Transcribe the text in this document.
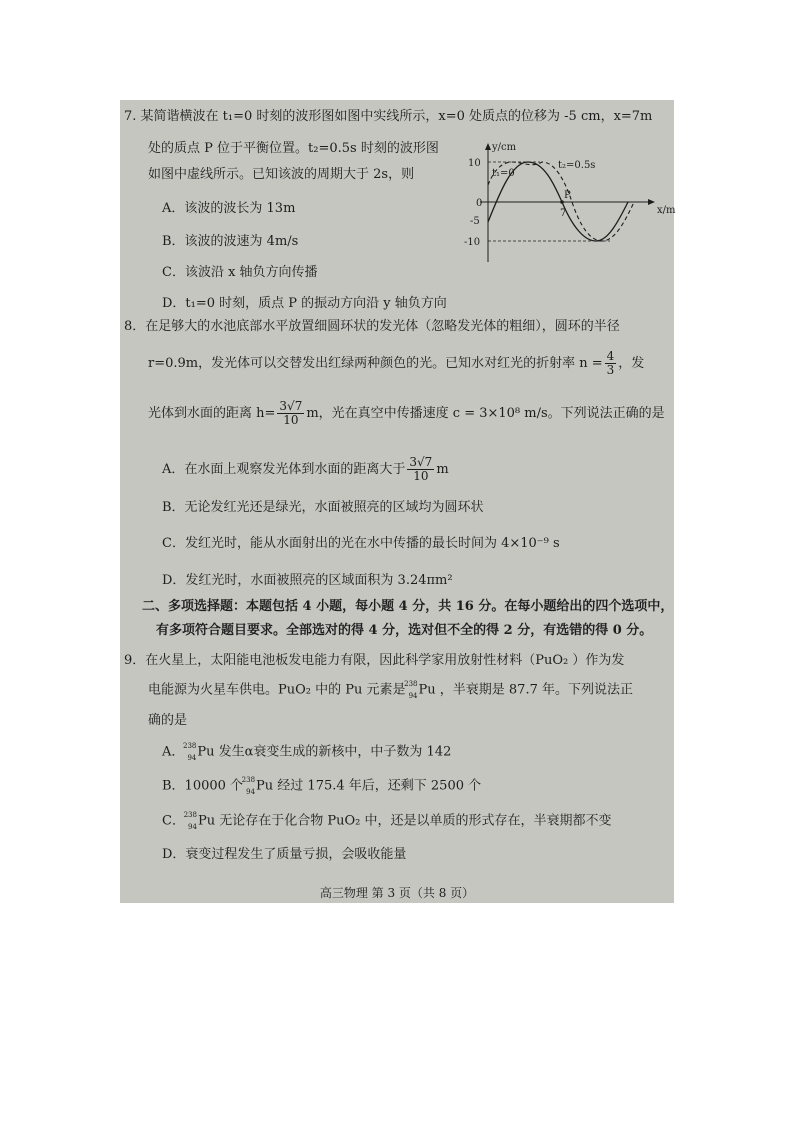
7. 某简谐横波在 t₁=0 时刻的波形图如图中实线所示，x=0 处质点的位移为 -5 cm，x=7m
处的质点 P 位于平衡位置。t₂=0.5s 时刻的波形图
如图中虚线所示。已知该波的周期大于 2s，则
A．该波的波长为 13m
B．该波的波速为 4m/s
C．该波沿 x 轴负方向传播
D．t₁=0 时刻，质点 P 的振动方向沿 y 轴负方向
8．在足够大的水池底部水平放置细圆环状的发光体（忽略发光体的粗细），圆环的半径
r=0.9m，发光体可以交替发出红绿两种颜色的光。已知水对红光的折射率 $n = \frac{4}{3}$ ，发
光体到水面的距离 $h= \frac{3√7}{10}$ m，光在真空中传播速度 c = 3×10⁸ m/s。下列说法正确的是
A．在水面上观察发光体到水面的距离大于 $\frac{3√7}{10}$ m
B．无论发红光还是绿光，水面被照亮的区域均为圆环状
C．发红光时，能从水面射出的光在水中传播的最长时间为 4×10⁻⁹ s
D．发红光时，水面被照亮的区域面积为 3.24πm²
二、多项选择题：本题包括 4 小题，每小题 4 分，共 16 分。在每小题给出的四个选项中，
有多项符合题目要求。全部选对的得 4 分，选对但不全的得 2 分，有选错的得 0 分。
9．在火星上，太阳能电池板发电能力有限，因此科学家用放射性材料（PuO₂ ）作为发
电能源为火星车供电。PuO₂ 中的 Pu 元素是
238
94 Pu ，半衰期是 87.7 年。下列说法正
确的是
A．
238
94 Pu 发生α衰变生成的新核中，中子数为 142
B．10000 个
238
94 Pu 经过 175.4 年后，还剩下 2500 个
C．
238
94 Pu 无论存在于化合物 PuO₂ 中，还是以单质的形式存在，半衰期都不变
D．衰变过程发生了质量亏损，会吸收能量
高三物理 第 3 页（共 8 页）
y/cm
x/m
10
0
-5
-10
7
P
t₁=0
t₂=0.5s
